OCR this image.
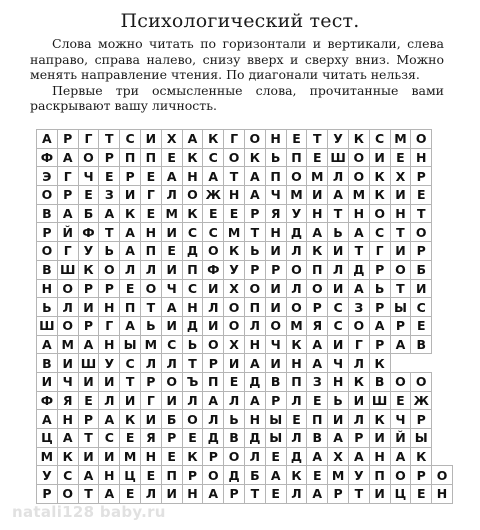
Психологический тест.

Слова можно читать по горизонтали и вертикали, слева направо, справа налево, снизу вверх и сверху вниз. Можно менять направление чтения. По диагонали читать нельзя.

Первые три осмысленные слова, прочитанные вами раскрывают вашу личность.

А	Р	Г	Т	С	И	Х	А	К	Г	О	Н	Е	Т	У	К	С	М	О	
Ф	А	О	Р	П	П	Е	К	С	О	К	Ь	П	Е	Ш	О	И	Е	Н	
Э	Г	Ч	Е	Р	Е	А	Н	А	Т	А	П	О	М	Л	О	К	Х	Р	
О	Р	Е	З	И	Г	Л	О	Ж	Н	А	Ч	М	И	А	М	К	И	Е	
В	А	Б	А	К	Е	М	К	Е	Е	Р	Я	У	Н	Т	Н	О	Н	Т	
Р	Й	Ф	Т	А	Н	И	С	С	М	Т	Н	Д	А	Ь	А	С	Т	О	
О	Г	У	Ь	А	П	Е	Д	О	К	Ь	И	Л	К	И	Т	Г	И	Р	
В	Ш	К	О	Л	Л	И	П	Ф	У	Р	Р	О	П	Л	Д	Р	О	Б	
Н	О	Р	Р	Е	О	Ч	С	И	Х	О	И	Л	О	И	А	Ь	Т	И	
Ь	Л	И	Н	П	Т	А	Н	Л	О	П	И	О	Р	С	З	Р	Ы	С	
Ш	О	Р	Г	А	Ь	И	Д	И	О	Л	О	М	Я	С	О	А	Р	Е	
А	М	А	Н	Ы	М	С	Ь	О	Х	Н	Ч	К	А	И	Г	Р	А	В	
В	И	Ш	У	С	Л	Л	Т	Р	И	А	И	Н	А	Ч	Л	К			
И	Ч	И	И	Т	Р	О	Ъ	П	Е	Д	В	П	З	Н	К	В	О	О	
Ф	Я	Е	Л	И	Г	И	Л	А	Л	А	Р	Л	Е	Ь	И	Ш	Е	Ж	
А	Н	Р	А	К	И	Б	О	Л	Ь	Н	Ы	Е	П	И	Л	К	Ч	Р	
Ц	А	Т	С	Е	Я	Р	Е	Д	В	Д	Ы	Л	В	А	Р	И	Й	Ы	
М	К	И	И	М	Н	Е	К	Р	О	Л	Е	Д	А	Х	А	Н	А	К	
У	С	А	Н	Ц	Е	П	Р	О	Д	Б	А	К	Е	М	У	П	О	Р	О
Р	О	Т	А	Е	Л	И	Н	А	Р	Т	Е	Л	А	Р	Т	И	Ц	Е	Н
natali128 baby.ru
